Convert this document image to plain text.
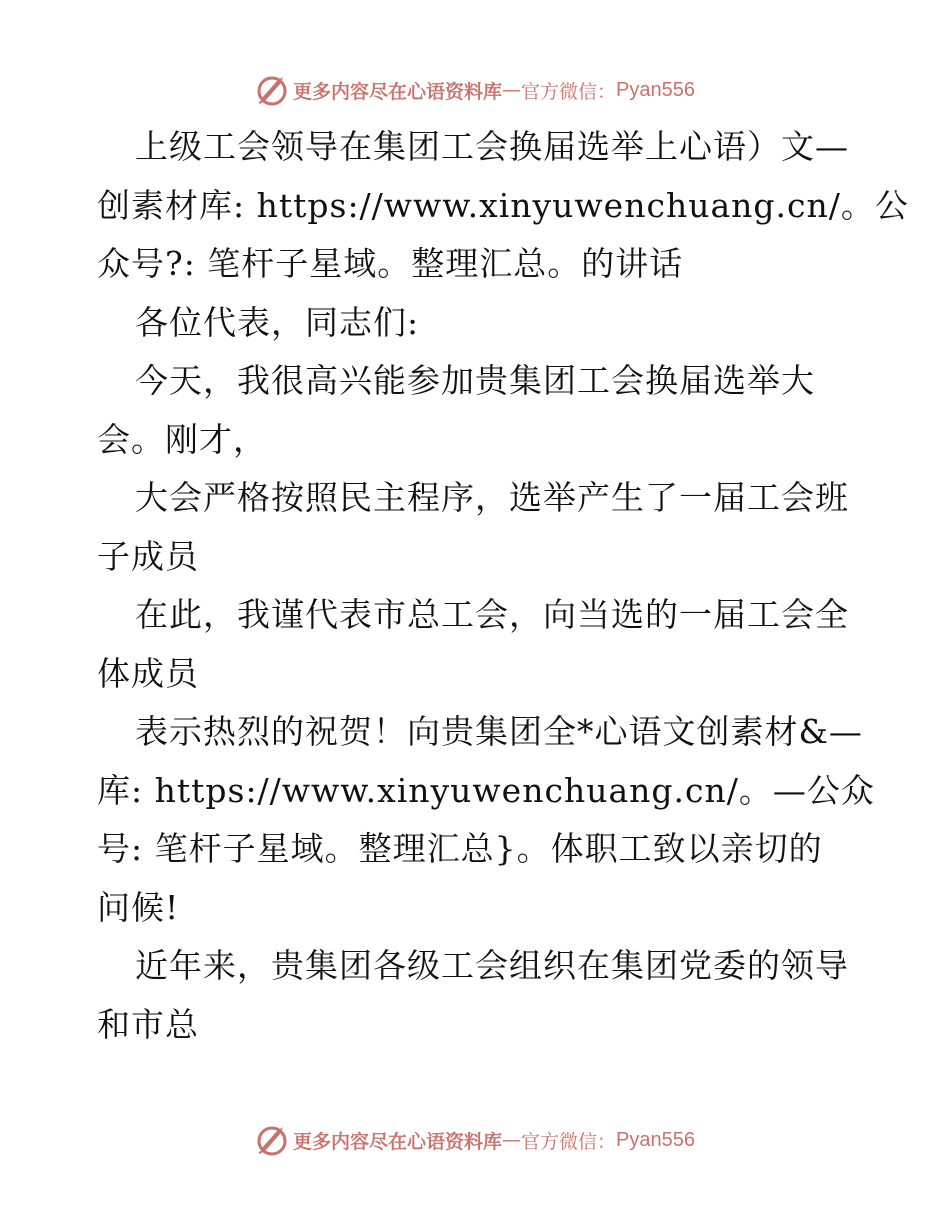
更多内容尽在心语资料库 — 官方微信： Pyan556
上级工会领导在集团工会换届选举上心语）文—
创素材库: https://www.xinyuwenchuang.cn/。公
众号?: 笔杆子星域。整理汇总。的讲话
各位代表，同志们:
今天，我很高兴能参加贵集团工会换届选举大
会。刚才，
大会严格按照民主程序，选举产生了一届工会班
子成员
在此，我谨代表市总工会，向当选的一届工会全
体成员
表示热烈的祝贺！向贵集团全*心语文创素材&—
库: https://www.xinyuwenchuang.cn/。—公众
号: 笔杆子星域。整理汇总}。体职工致以亲切的
问候!
近年来，贵集团各级工会组织在集团党委的领导
和市总
更多内容尽在心语资料库 — 官方微信： Pyan556
